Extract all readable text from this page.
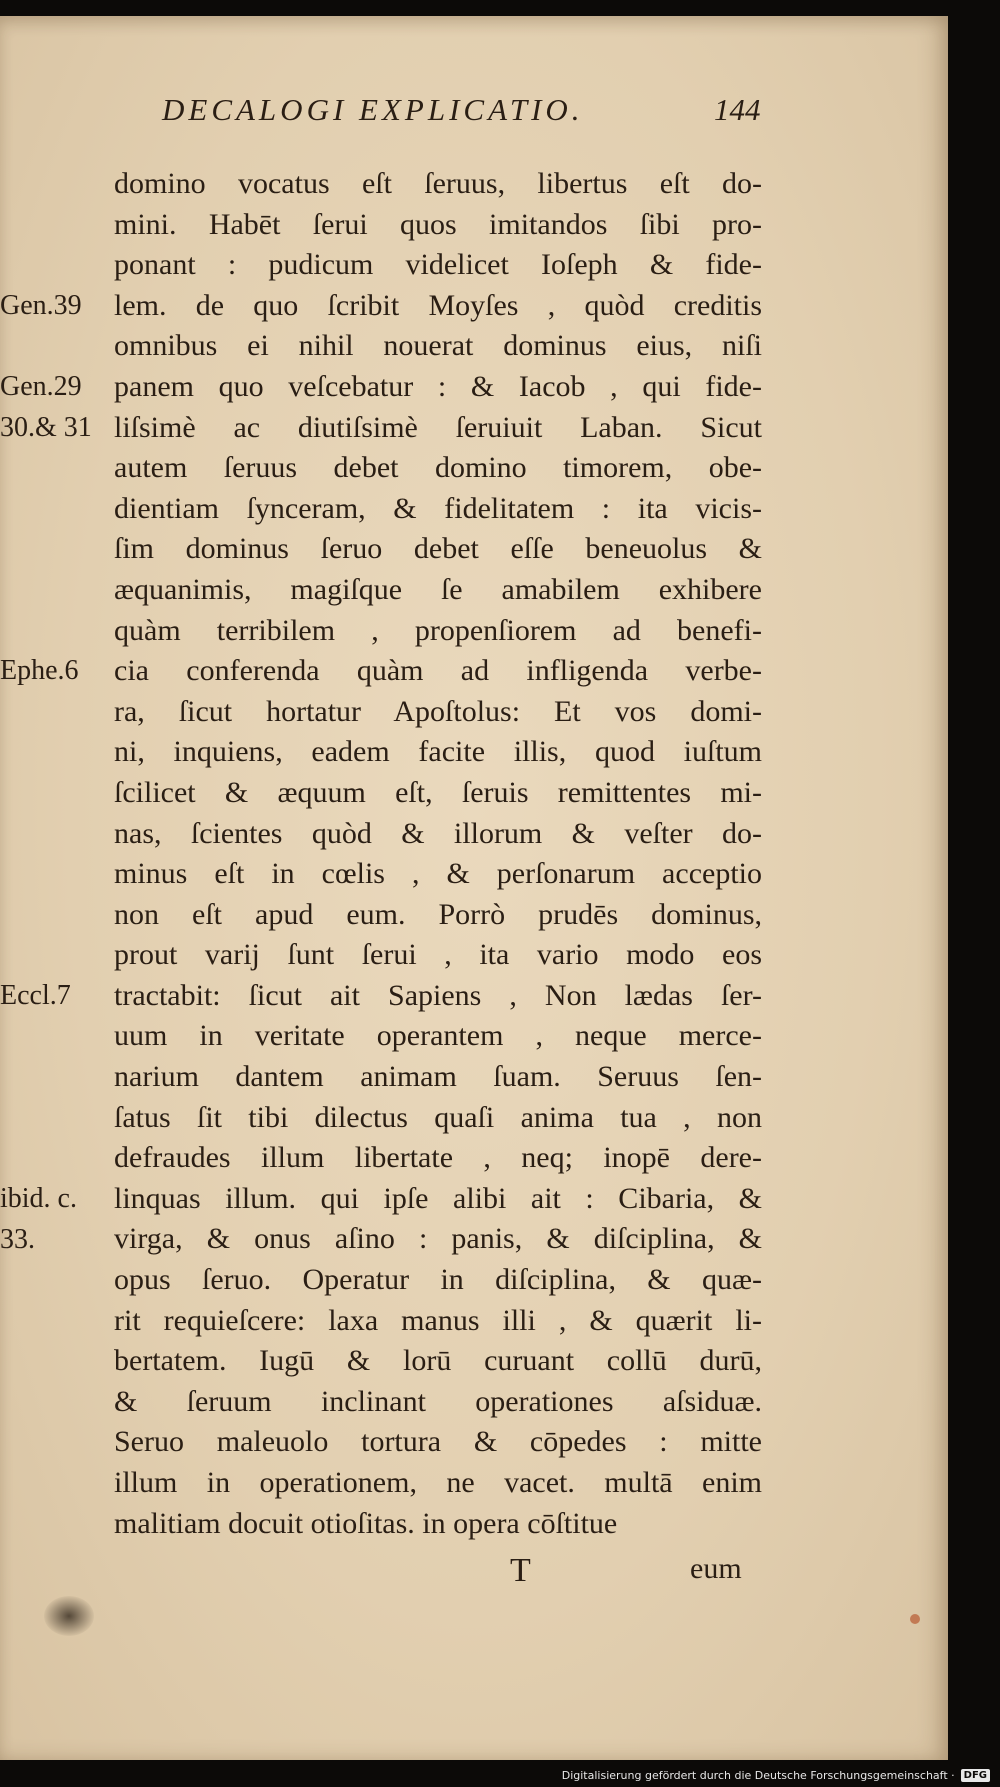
DECALOGI EXPLICATIO.	144
Gen.39
Gen.29
30.& 31
Ephe.6
Eccl.7
ibid. c.
33.
domino vocatus eſt ſeruus, libertus eſt do-
mini. Habēt ſerui quos imitandos ſibi pro-
ponant : pudicum videlicet Ioſeph & fide-
lem. de quo ſcribit Moyſes , quòd creditis
omnibus ei nihil nouerat dominus eius, niſi
panem quo veſcebatur : & Iacob , qui fide-
liſsimè ac diutiſsimè ſeruiuit Laban. Sicut
autem ſeruus debet domino timorem, obe-
dientiam ſynceram, & fidelitatem : ita vicis-
ſim dominus ſeruo debet eſſe beneuolus &
æquanimis, magiſque ſe amabilem exhibere
quàm terribilem , propenſiorem ad benefi-
cia conferenda quàm ad infligenda verbe-
ra, ſicut hortatur Apoſtolus: Et vos domi-
ni, inquiens, eadem facite illis, quod iuſtum
ſcilicet & æquum eſt, ſeruis remittentes mi-
nas, ſcientes quòd & illorum & veſter do-
minus eſt in cœlis , & perſonarum acceptio
non eſt apud eum. Porrò prudēs dominus,
prout varij ſunt ſerui , ita vario modo eos
tractabit: ſicut ait Sapiens , Non lædas ſer-
uum in veritate operantem , neque merce-
narium dantem animam ſuam. Seruus ſen-
ſatus ſit tibi dilectus quaſi anima tua , non
defraudes illum libertate , neq; inopē dere-
linquas illum. qui ipſe alibi ait : Cibaria, &
virga, & onus aſino : panis, & diſciplina, &
opus ſeruo. Operatur in diſciplina, & quæ-
rit requieſcere: laxa manus illi , & quærit li-
bertatem. Iugū & lorū curuant collū durū,
& ſeruum inclinant operationes aſsiduæ.
Seruo maleuolo tortura & cōpedes : mitte
illum in operationem, ne vacet. multā enim
malitiam docuit otioſitas. in opera cōſtitue
T	eum
Digitalisierung gefördert durch die Deutsche Forschungsgemeinschaft · DFG
